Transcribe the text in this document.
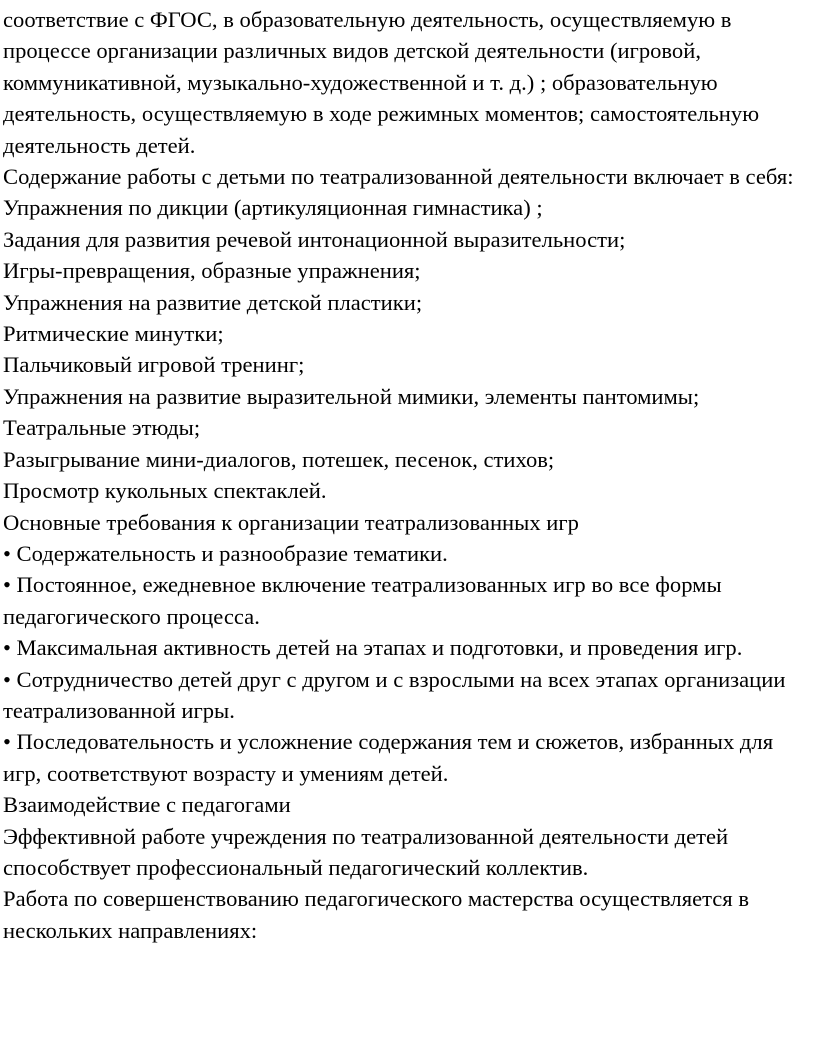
соответствие с ФГОС, в образовательную деятельность, осуществляемую в процессе организации различных видов детской деятельности (игровой, коммуникативной, музыкально-художественной и т. д.) ; образовательную деятельность, осуществляемую в ходе режимных моментов; самостоятельную деятельность детей.

Содержание работы с детьми по театрализованной деятельности включает в себя:

Упражнения по дикции (артикуляционная гимнастика) ;

Задания для развития речевой интонационной выразительности;

Игры-превращения, образные упражнения;

Упражнения на развитие детской пластики;

Ритмические минутки;

Пальчиковый игровой тренинг;

Упражнения на развитие выразительной мимики, элементы пантомимы;

Театральные этюды;

Разыгрывание мини-диалогов, потешек, песенок, стихов;

Просмотр кукольных спектаклей.

Основные требования к организации театрализованных игр

• Содержательность и разнообразие тематики.

• Постоянное, ежедневное включение театрализованных игр во все формы педагогического процесса.

• Максимальная активность детей на этапах и подготовки, и проведения игр.

• Сотрудничество детей друг с другом и с взрослыми на всех этапах организации театрализованной игры.

• Последовательность и усложнение содержания тем и сюжетов, избранных для игр, соответствуют возрасту и умениям детей.

Взаимодействие с педагогами

Эффективной работе учреждения по театрализованной деятельности детей способствует профессиональный педагогический коллектив.

Работа по совершенствованию педагогического мастерства осуществляется в нескольких направлениях:
